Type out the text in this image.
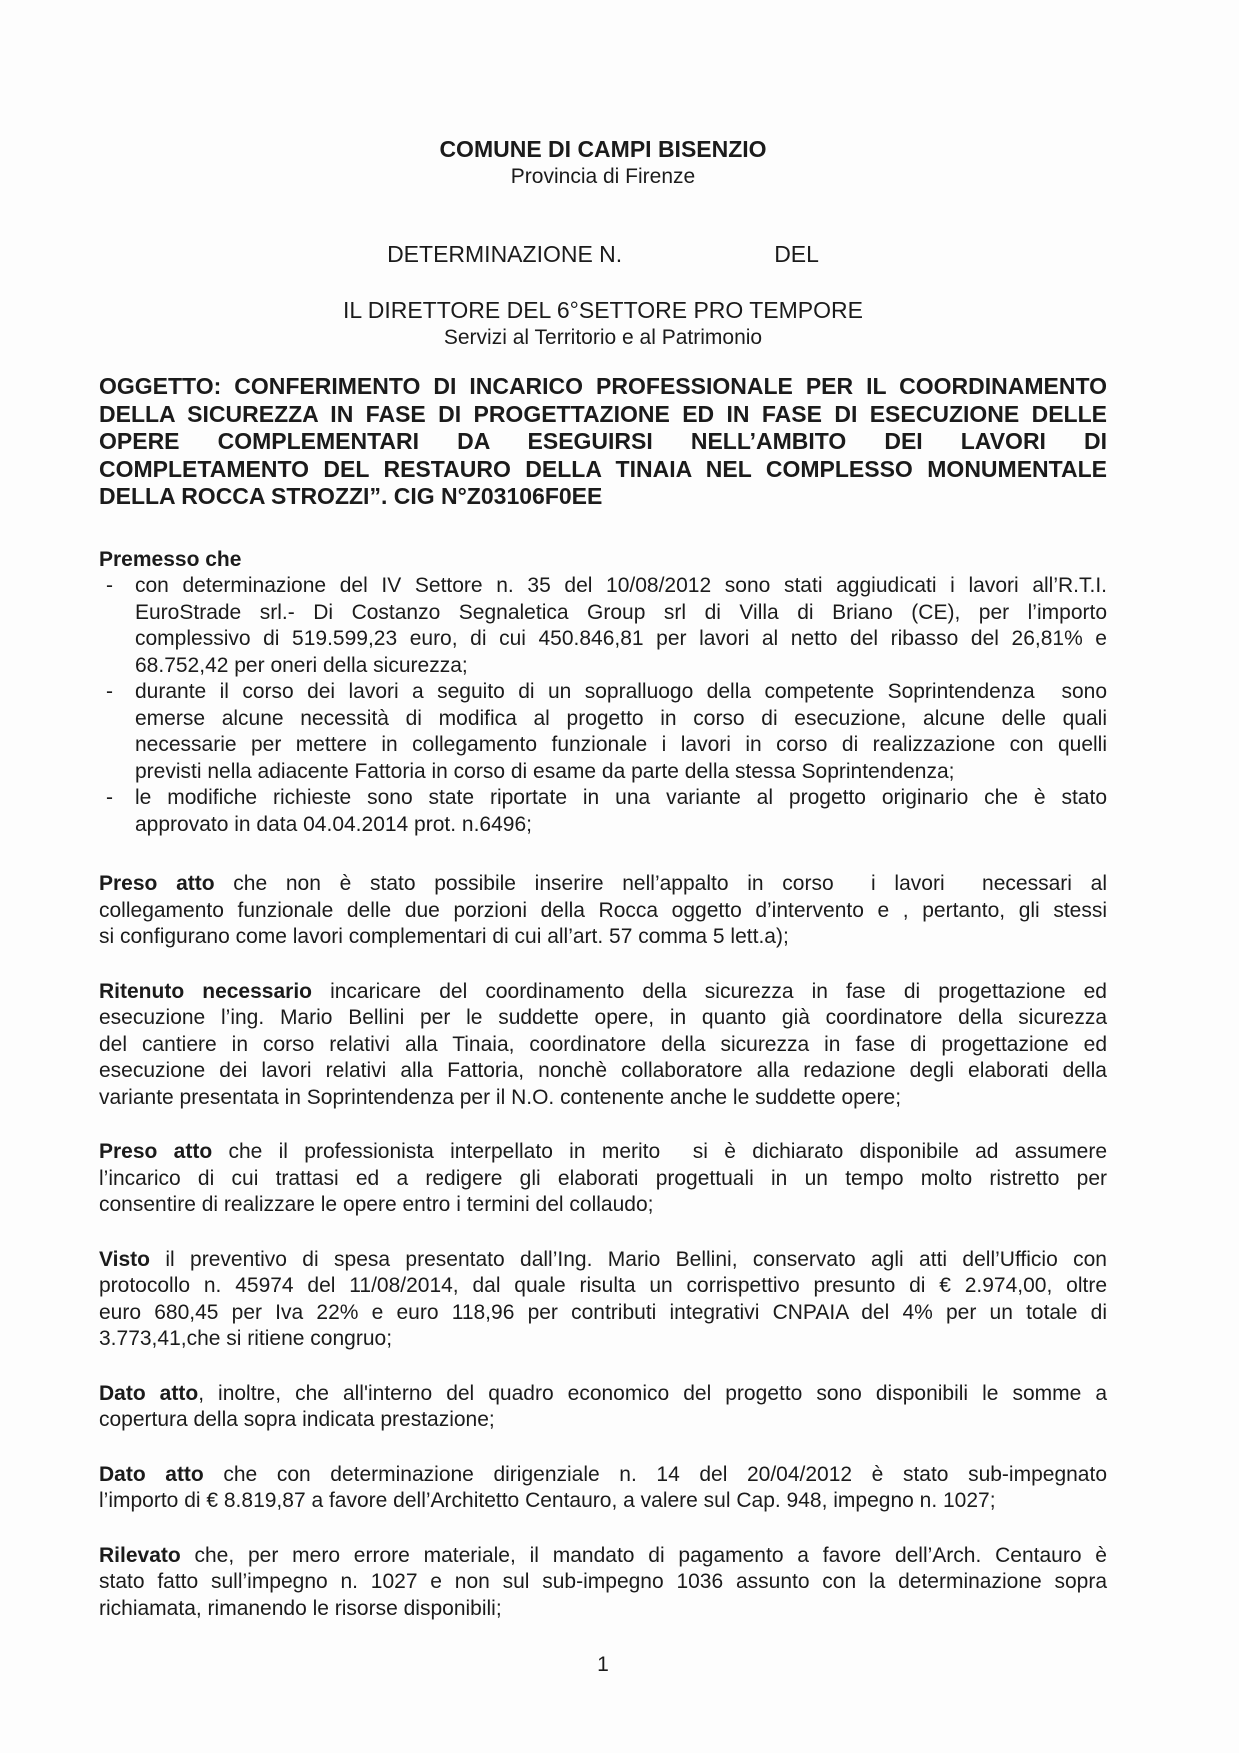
COMUNE DI CAMPI BISENZIO
Provincia di Firenze
DETERMINAZIONE N.	DEL
IL DIRETTORE DEL 6°SETTORE PRO TEMPORE
Servizi al Territorio e al Patrimonio
OGGETTO: CONFERIMENTO DI INCARICO PROFESSIONALE PER IL COORDINAMENTO
DELLA SICUREZZA IN FASE DI PROGETTAZIONE ED IN FASE DI ESECUZIONE DELLE
OPERE COMPLEMENTARI DA ESEGUIRSI NELL’AMBITO DEI LAVORI DI
COMPLETAMENTO DEL RESTAURO DELLA TINAIA NEL COMPLESSO MONUMENTALE
DELLA ROCCA STROZZI”. CIG N°Z03106F0EE
Premesso che
-	con determinazione del IV Settore n. 35 del 10/08/2012 sono stati aggiudicati i lavori all’R.T.I.
EuroStrade srl.- Di Costanzo Segnaletica Group srl di Villa di Briano (CE), per l’importo
complessivo di 519.599,23 euro, di cui 450.846,81 per lavori al netto del ribasso del 26,81% e
68.752,42 per oneri della sicurezza;
-	durante il corso dei lavori a seguito di un sopralluogo della competente Soprintendenza  sono
emerse alcune necessità di modifica al progetto in corso di esecuzione, alcune delle quali
necessarie per mettere in collegamento funzionale i lavori in corso di realizzazione con quelli
previsti nella adiacente Fattoria in corso di esame da parte della stessa Soprintendenza;
-	le modifiche richieste sono state riportate in una variante al progetto originario che è stato
approvato in data 04.04.2014 prot. n.6496;
Preso atto che non è stato possibile inserire nell’appalto in corso  i lavori  necessari al
collegamento funzionale delle due porzioni della Rocca oggetto d’intervento e , pertanto, gli stessi
si configurano come lavori complementari di cui all’art. 57 comma 5 lett.a);
Ritenuto necessario incaricare del coordinamento della sicurezza in fase di progettazione ed
esecuzione l’ing. Mario Bellini per le suddette opere, in quanto già coordinatore della sicurezza
del cantiere in corso relativi alla Tinaia, coordinatore della sicurezza in fase di progettazione ed
esecuzione dei lavori relativi alla Fattoria, nonchè collaboratore alla redazione degli elaborati della
variante presentata in Soprintendenza per il N.O. contenente anche le suddette opere;
Preso atto che il professionista interpellato in merito  si è dichiarato disponibile ad assumere
l’incarico di cui trattasi ed a redigere gli elaborati progettuali in un tempo molto ristretto per
consentire di realizzare le opere entro i termini del collaudo;
Visto il preventivo di spesa presentato dall’Ing. Mario Bellini, conservato agli atti dell’Ufficio con
protocollo n. 45974 del 11/08/2014, dal quale risulta un corrispettivo presunto di € 2.974,00, oltre
euro 680,45 per Iva 22% e euro 118,96 per contributi integrativi CNPAIA del 4% per un totale di
3.773,41,che si ritiene congruo;
Dato atto, inoltre, che all'interno del quadro economico del progetto sono disponibili le somme a
copertura della sopra indicata prestazione;
Dato atto che con determinazione dirigenziale n. 14 del 20/04/2012 è stato sub-impegnato
l’importo di € 8.819,87 a favore dell’Architetto Centauro, a valere sul Cap. 948, impegno n. 1027;
Rilevato che, per mero errore materiale, il mandato di pagamento a favore dell’Arch. Centauro è
stato fatto sull’impegno n. 1027 e non sul sub-impegno 1036 assunto con la determinazione sopra
richiamata, rimanendo le risorse disponibili;
1
